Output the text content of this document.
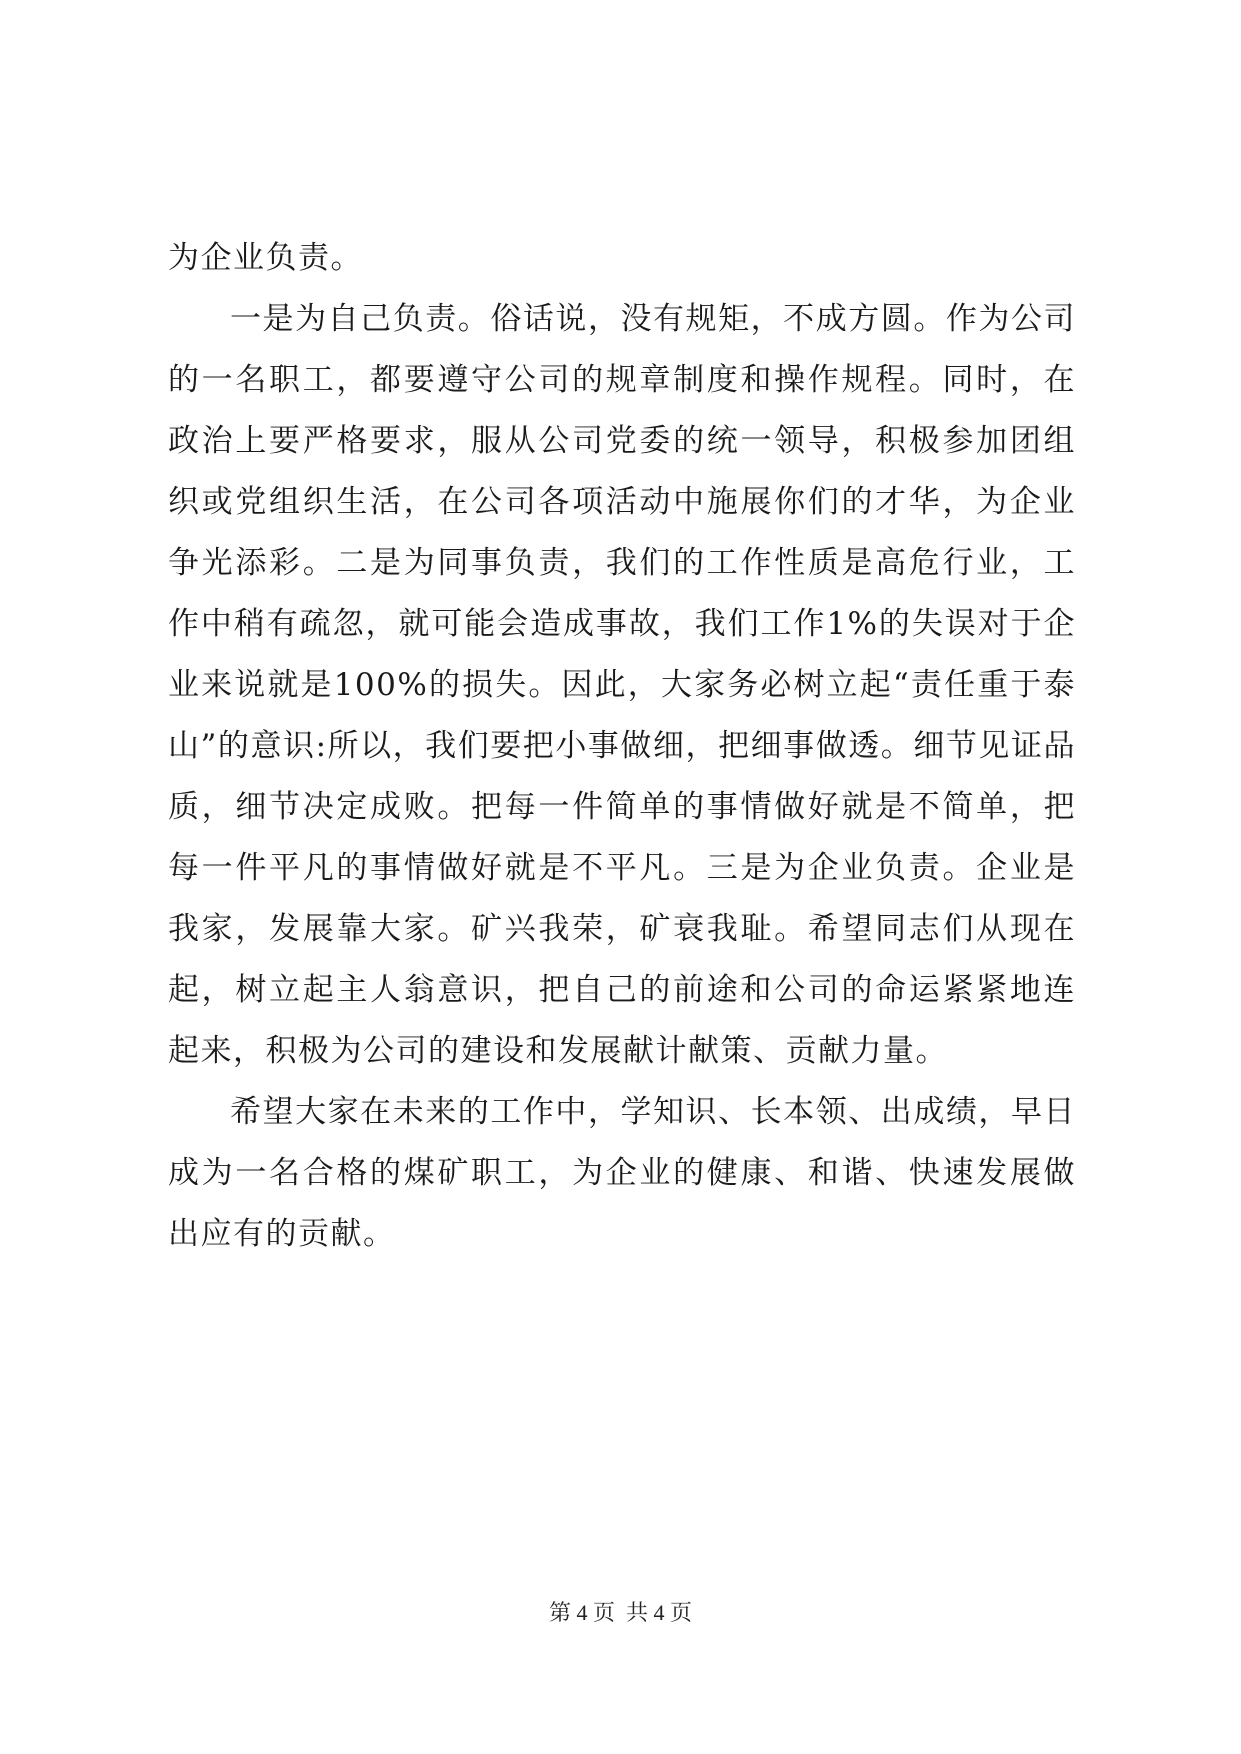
为企业负责。

一是为自己负责。俗话说，没有规矩，不成方圆。作为公司的一名职工，都要遵守公司的规章制度和操作规程。同时，在政治上要严格要求，服从公司党委的统一领导，积极参加团组织或党组织生活，在公司各项活动中施展你们的才华，为企业争光添彩。二是为同事负责，我们的工作性质是高危行业，工作中稍有疏忽，就可能会造成事故，我们工作1%的失误对于企业来说就是100%的损失。因此，大家务必树立起“责任重于泰山”的意识:所以，我们要把小事做细，把细事做透。细节见证品质，细节决定成败。把每一件简单的事情做好就是不简单，把每一件平凡的事情做好就是不平凡。三是为企业负责。企业是我家，发展靠大家。矿兴我荣，矿衰我耻。希望同志们从现在起，树立起主人翁意识，把自己的前途和公司的命运紧紧地连起来，积极为公司的建设和发展献计献策、贡献力量。

希望大家在未来的工作中，学知识、长本领、出成绩，早日成为一名合格的煤矿职工，为企业的健康、和谐、快速发展做出应有的贡献。

第 4 页  共 4 页
